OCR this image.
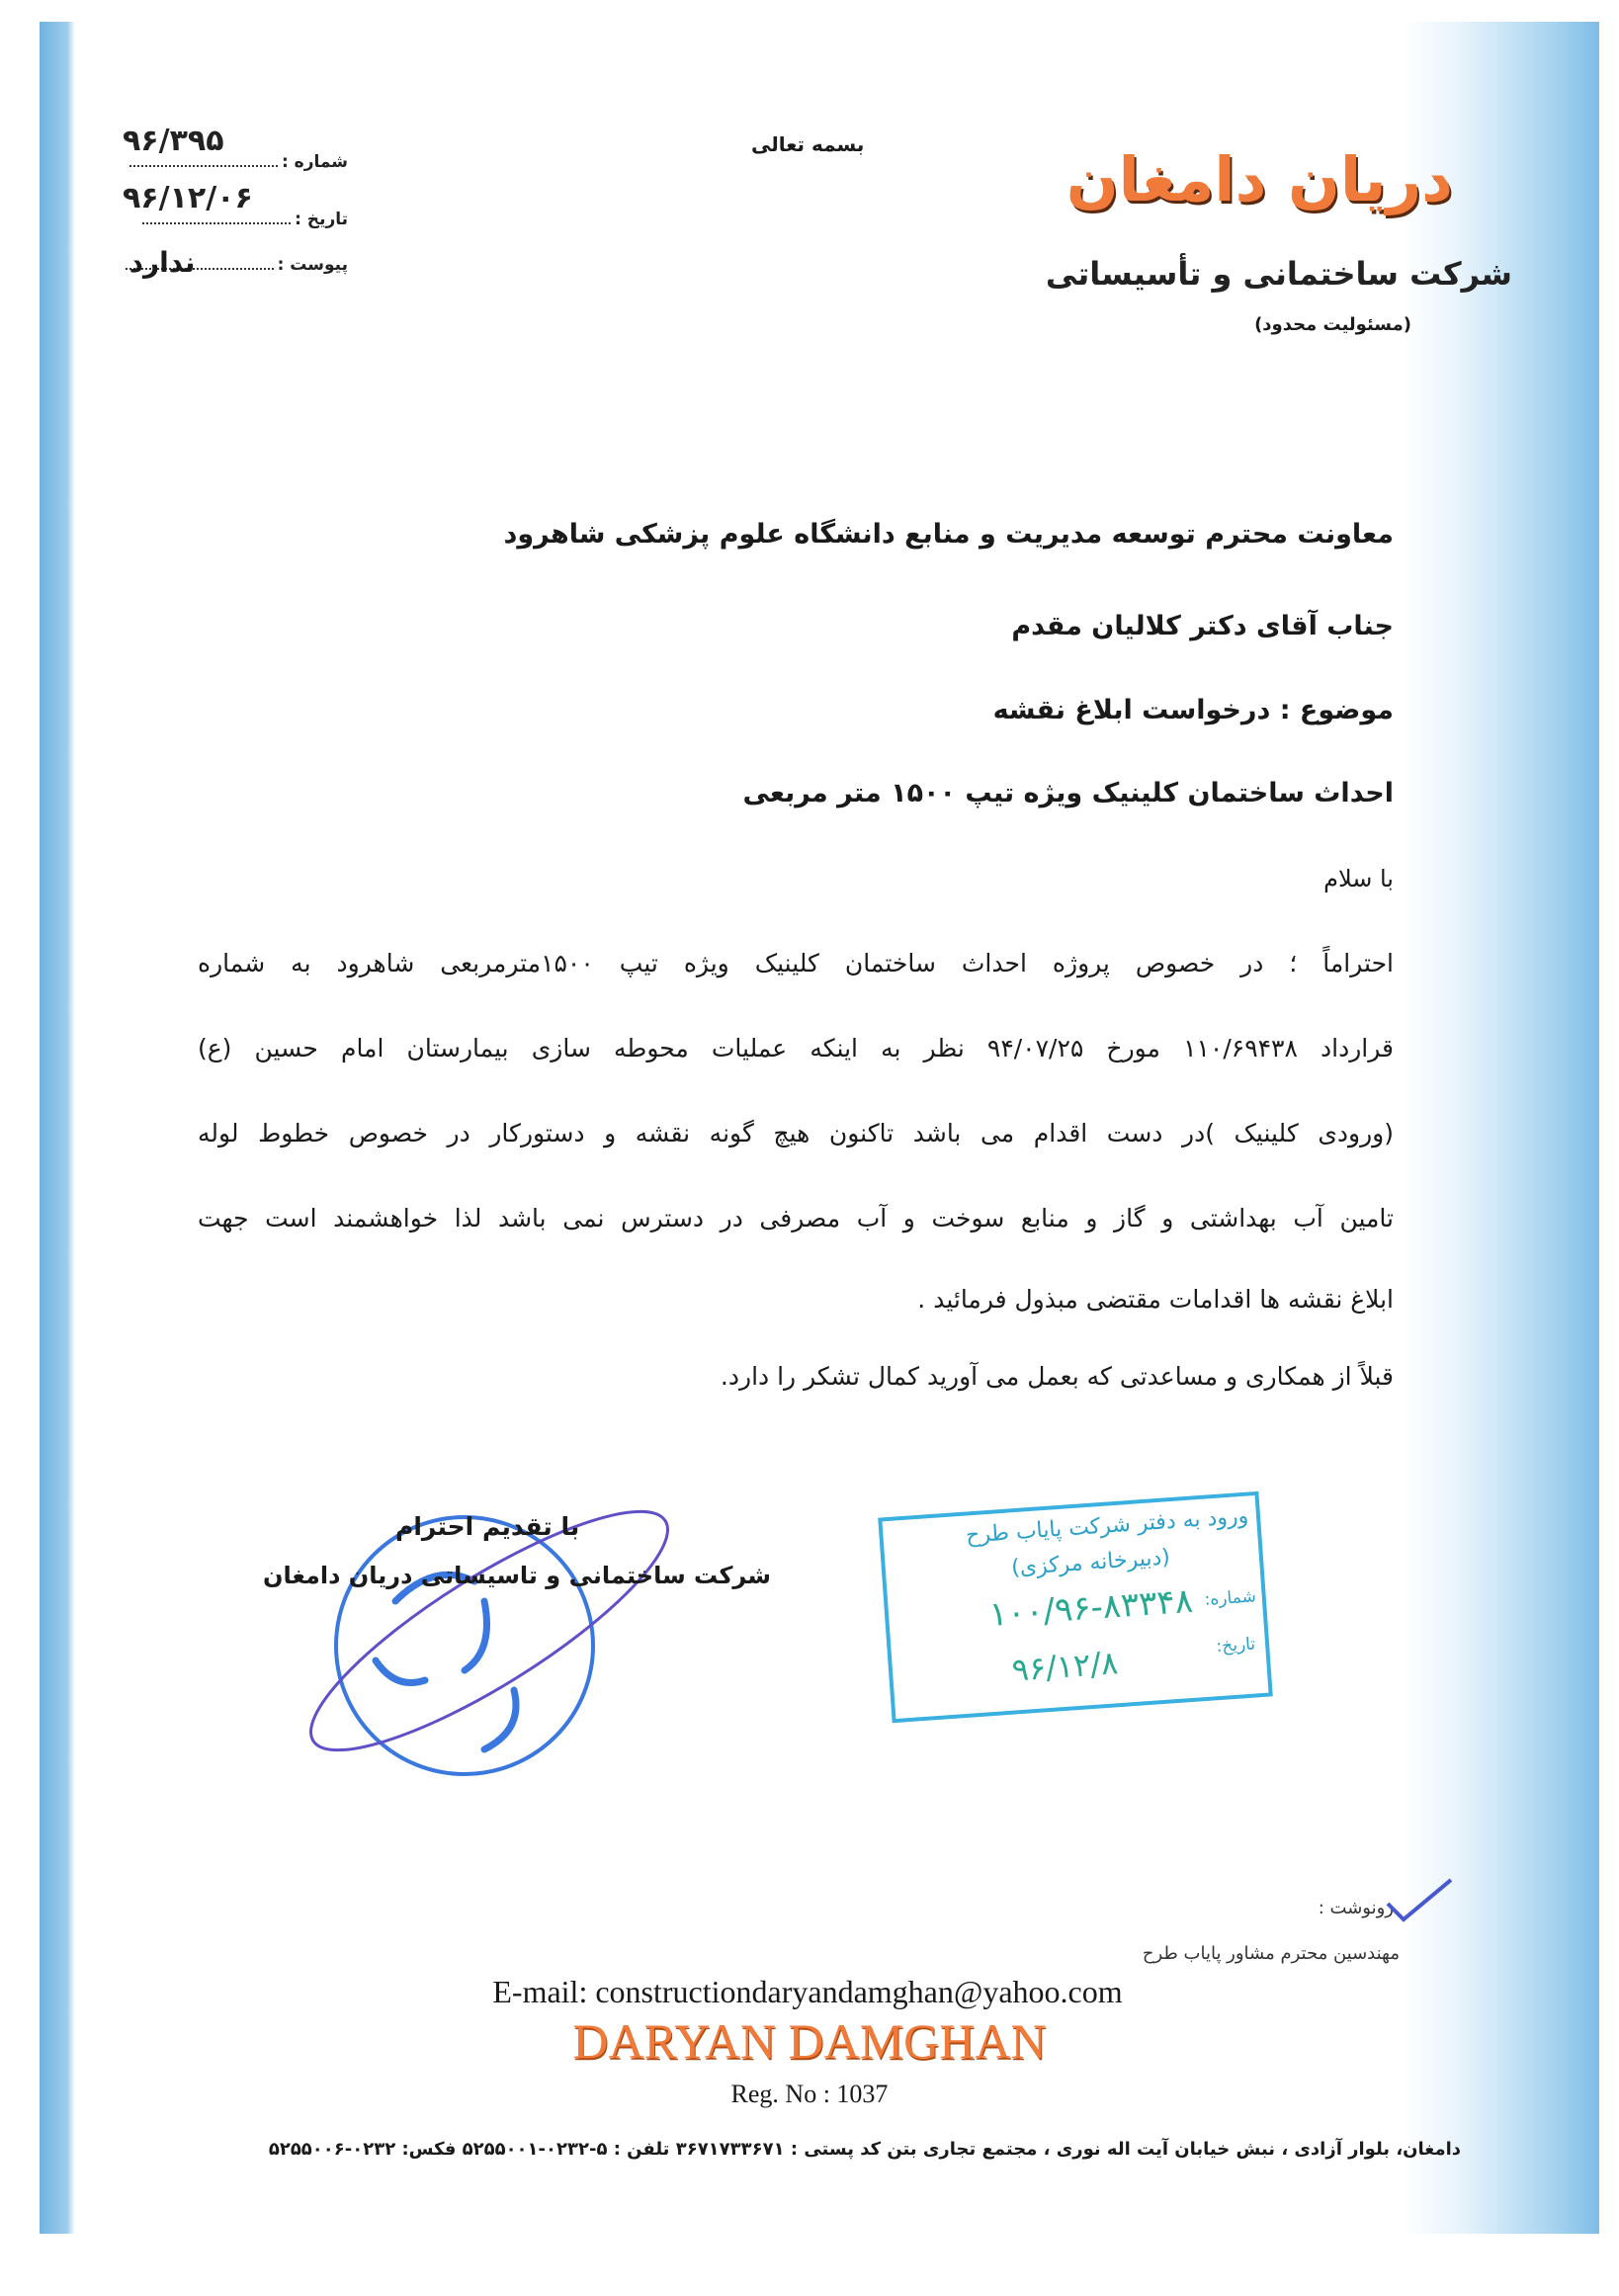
۹۶/۳۹۵
شماره :
۹۶/۱۲/۰۶
تاریخ :
پیوست :
ندارد
بسمه تعالی	دریان دامغان
شرکت ساختمانی و تأسیساتی
(مسئولیت محدود)
معاونت محترم توسعه مدیریت و منابع دانشگاه علوم پزشکی شاهرود
جناب آقای دکتر کلالیان مقدم
موضوع : درخواست ابلاغ نقشه
احداث ساختمان کلینیک ویژه تیپ ۱۵۰۰ متر مربعی
با سلام
احتراماً ؛ در خصوص پروژه احداث ساختمان کلینیک ویژه تیپ ۱۵۰۰مترمربعی شاهرود به شماره
قرارداد ۱۱۰/۶۹۴۳۸ مورخ ۹۴/۰۷/۲۵ نظر به اینکه عملیات محوطه سازی بیمارستان امام حسین (ع)
(ورودی کلینیک )در دست اقدام می باشد تاکنون هیچ گونه نقشه و دستورکار در خصوص خطوط لوله
تامین آب بهداشتی و گاز و منابع سوخت و آب مصرفی در دسترس نمی باشد لذا خواهشمند است جهت
ابلاغ نقشه ها اقدامات مقتضی مبذول فرمائید .
قبلاً از همکاری و مساعدتی که بعمل می آورید کمال تشکر را دارد.
با تقدیم احترام
شرکت ساختمانی و تاسیساتی دریان دامغان
ورود به دفتر شرکت پایاب طرح
(دبیرخانه مرکزی)
شماره:
۱۰۰/۹۶-۸۳۳۴۸
تاریخ:
۹۶/۱۲/۸
رونوشت :
مهندسین محترم مشاور پایاب طرح
E-mail: constructiondaryandamghan@yahoo.com
DARYAN DAMGHAN
Reg. No : 1037
دامغان، بلوار آزادی ، نبش خیابان آیت اله نوری ، مجتمع تجاری بتن کد پستی : ۳۶۷۱۷۳۳۶۷۱ تلفن : ۵-۰۲۳۲-۵۲۵۵۰۰۱ فکس: ۰۲۳۲-۵۲۵۵۰۰۶
